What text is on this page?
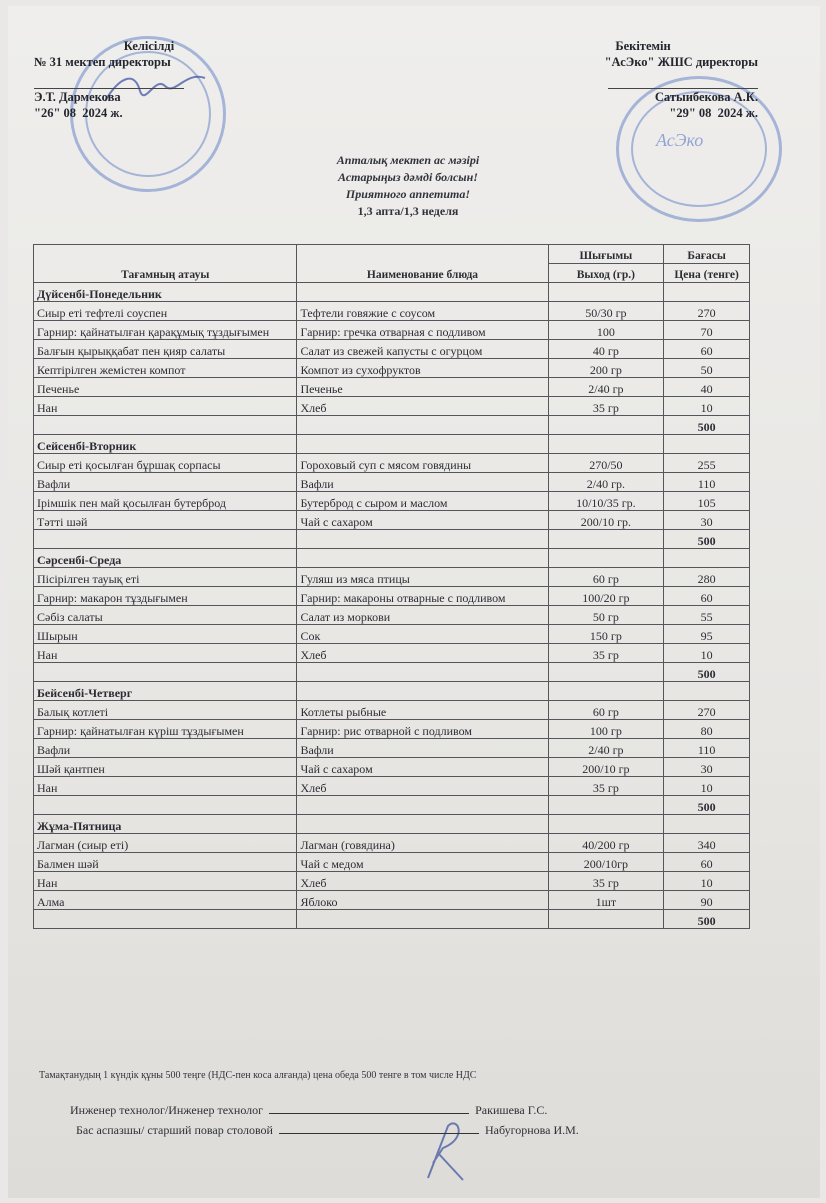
АсЭко
Келісілді
№ 31 мектеп директоры
Э.Т. Дармекова
"26" 08 2024 ж.
Бекітемін
"АсЭко" ЖШС директоры
Сатыибекова А.К.
"29" 08 2024 ж.
Апталық мектеп ас мәзірі
Астарыңыз дәмді болсын!
Приятного аппетита!
1,3 апта/1,3 неделя
Тағамның атауы	Наименование блюда	Шығымы	Бағасы
		Выход (гр.)	Цена (тенге)
Дүйсенбі-Понедельник			
Сиыр еті тефтелі соуспен	Тефтели говяжие с соусом	50/30 гр	270
Гарнир: қайнатылған қарақұмық тұздығымен	Гарнир: гречка отварная с подливом	100	70
Балғын қырыққабат пен қияр салаты	Салат из свежей капусты с огурцом	40 гр	60
Кептірілген жемістен компот	Компот из сухофруктов	200 гр	50
Печенье	Печенье	2/40 гр	40
Нан	Хлеб	35 гр	10
			500
Сейсенбі-Вторник			
Сиыр еті қосылған бұршақ сорпасы	Гороховый суп с мясом говядины	270/50	255
Вафли	Вафли	2/40 гр.	110
Ірімшік пен май қосылған бутерброд	Бутерброд с сыром и маслом	10/10/35 гр.	105
Тәтті шәй	Чай с сахаром	200/10 гр.	30
			500
Сәрсенбі-Среда			
Пісірілген тауық еті	Гуляш из мяса птицы	60 гр	280
Гарнир: макарон тұздығымен	Гарнир: макароны отварные с подливом	100/20 гр	60
Сәбіз салаты	Салат из моркови	50 гр	55
Шырын	Сок	150 гр	95
Нан	Хлеб	35 гр	10
			500
Бейсенбі-Четверг			
Балық котлеті	Котлеты рыбные	60 гр	270
Гарнир: қайнатылған күріш тұздығымен	Гарнир: рис отварной с подливом	100 гр	80
Вафли	Вафли	2/40 гр	110
Шәй қантпен	Чай с сахаром	200/10 гр	30
Нан	Хлеб	35 гр	10
			500
Жұма-Пятница			
Лагман (сиыр еті)	Лагман (говядина)	40/200 гр	340
Балмен шәй	Чай с медом	200/10гр	60
Нан	Хлеб	35 гр	10
Алма	Яблоко	1шт	90
			500
Тамақтанудың 1 күндік құны 500 теңге (НДС-пен коса алғанда) цена обеда 500 тенге в том числе НДС
Инженер технолог/Инженер технолог	Ракишева Г.С.
Бас аспазшы/ старший повар столовой	Набугорнова И.М.
